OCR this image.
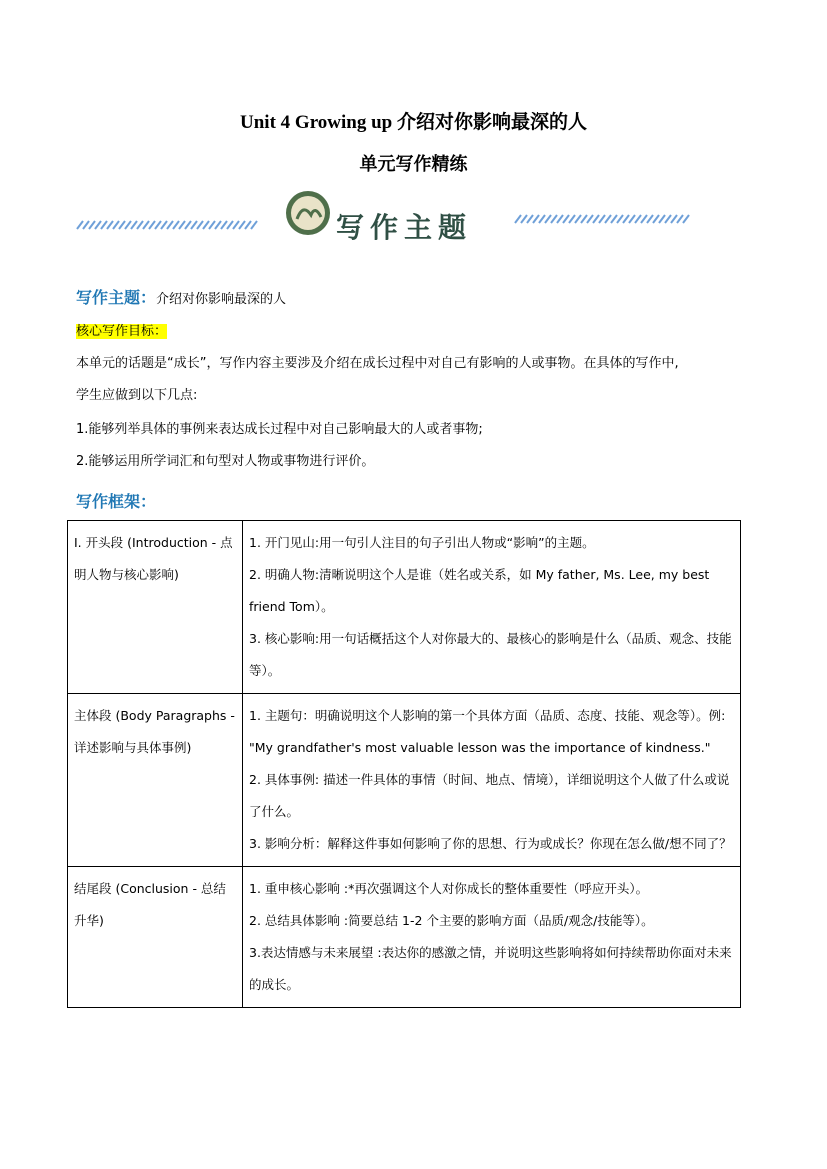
Unit 4 Growing up 介绍对你影响最深的人
单元写作精练
写作主题
写作主题：介绍对你影响最深的人
核心写作目标：
本单元的话题是“成长”，写作内容主要涉及介绍在成长过程中对自己有影响的人或事物。在具体的写作中,
学生应做到以下几点:
1.能够列举具体的事例来表达成长过程中对自己影响最大的人或者事物;
2.能够运用所学词汇和句型对人物或事物进行评价。
写作框架：
I. 开头段 (Introduction - 点明人物与核心影响)	1. 开门见山:用一句引人注目的句子引出人物或“影响”的主题。
2. 明确人物:清晰说明这个人是谁（姓名或关系，如 My father, Ms. Lee, my best friend Tom）。
3. 核心影响:用一句话概括这个人对你最大的、最核心的影响是什么（品质、观念、技能等）。

主体段 (Body Paragraphs - 详述影响与具体事例)	1. 主题句：明确说明这个人影响的第一个具体方面（品质、态度、技能、观念等）。例: "My grandfather's most valuable lesson was the importance of kindness."
2. 具体事例: 描述一件具体的事情（时间、地点、情境），详细说明这个人做了什么或说了什么。
3. 影响分析：解释这件事如何影响了你的思想、行为或成长？你现在怎么做/想不同了？

结尾段 (Conclusion - 总结升华)	1. 重申核心影响 :*再次强调这个人对你成长的整体重要性（呼应开头）。
2. 总结具体影响 :简要总结 1-2 个主要的影响方面（品质/观念/技能等）。
3.表达情感与未来展望 :表达你的感激之情，并说明这些影响将如何持续帮助你面对未来的成长。
